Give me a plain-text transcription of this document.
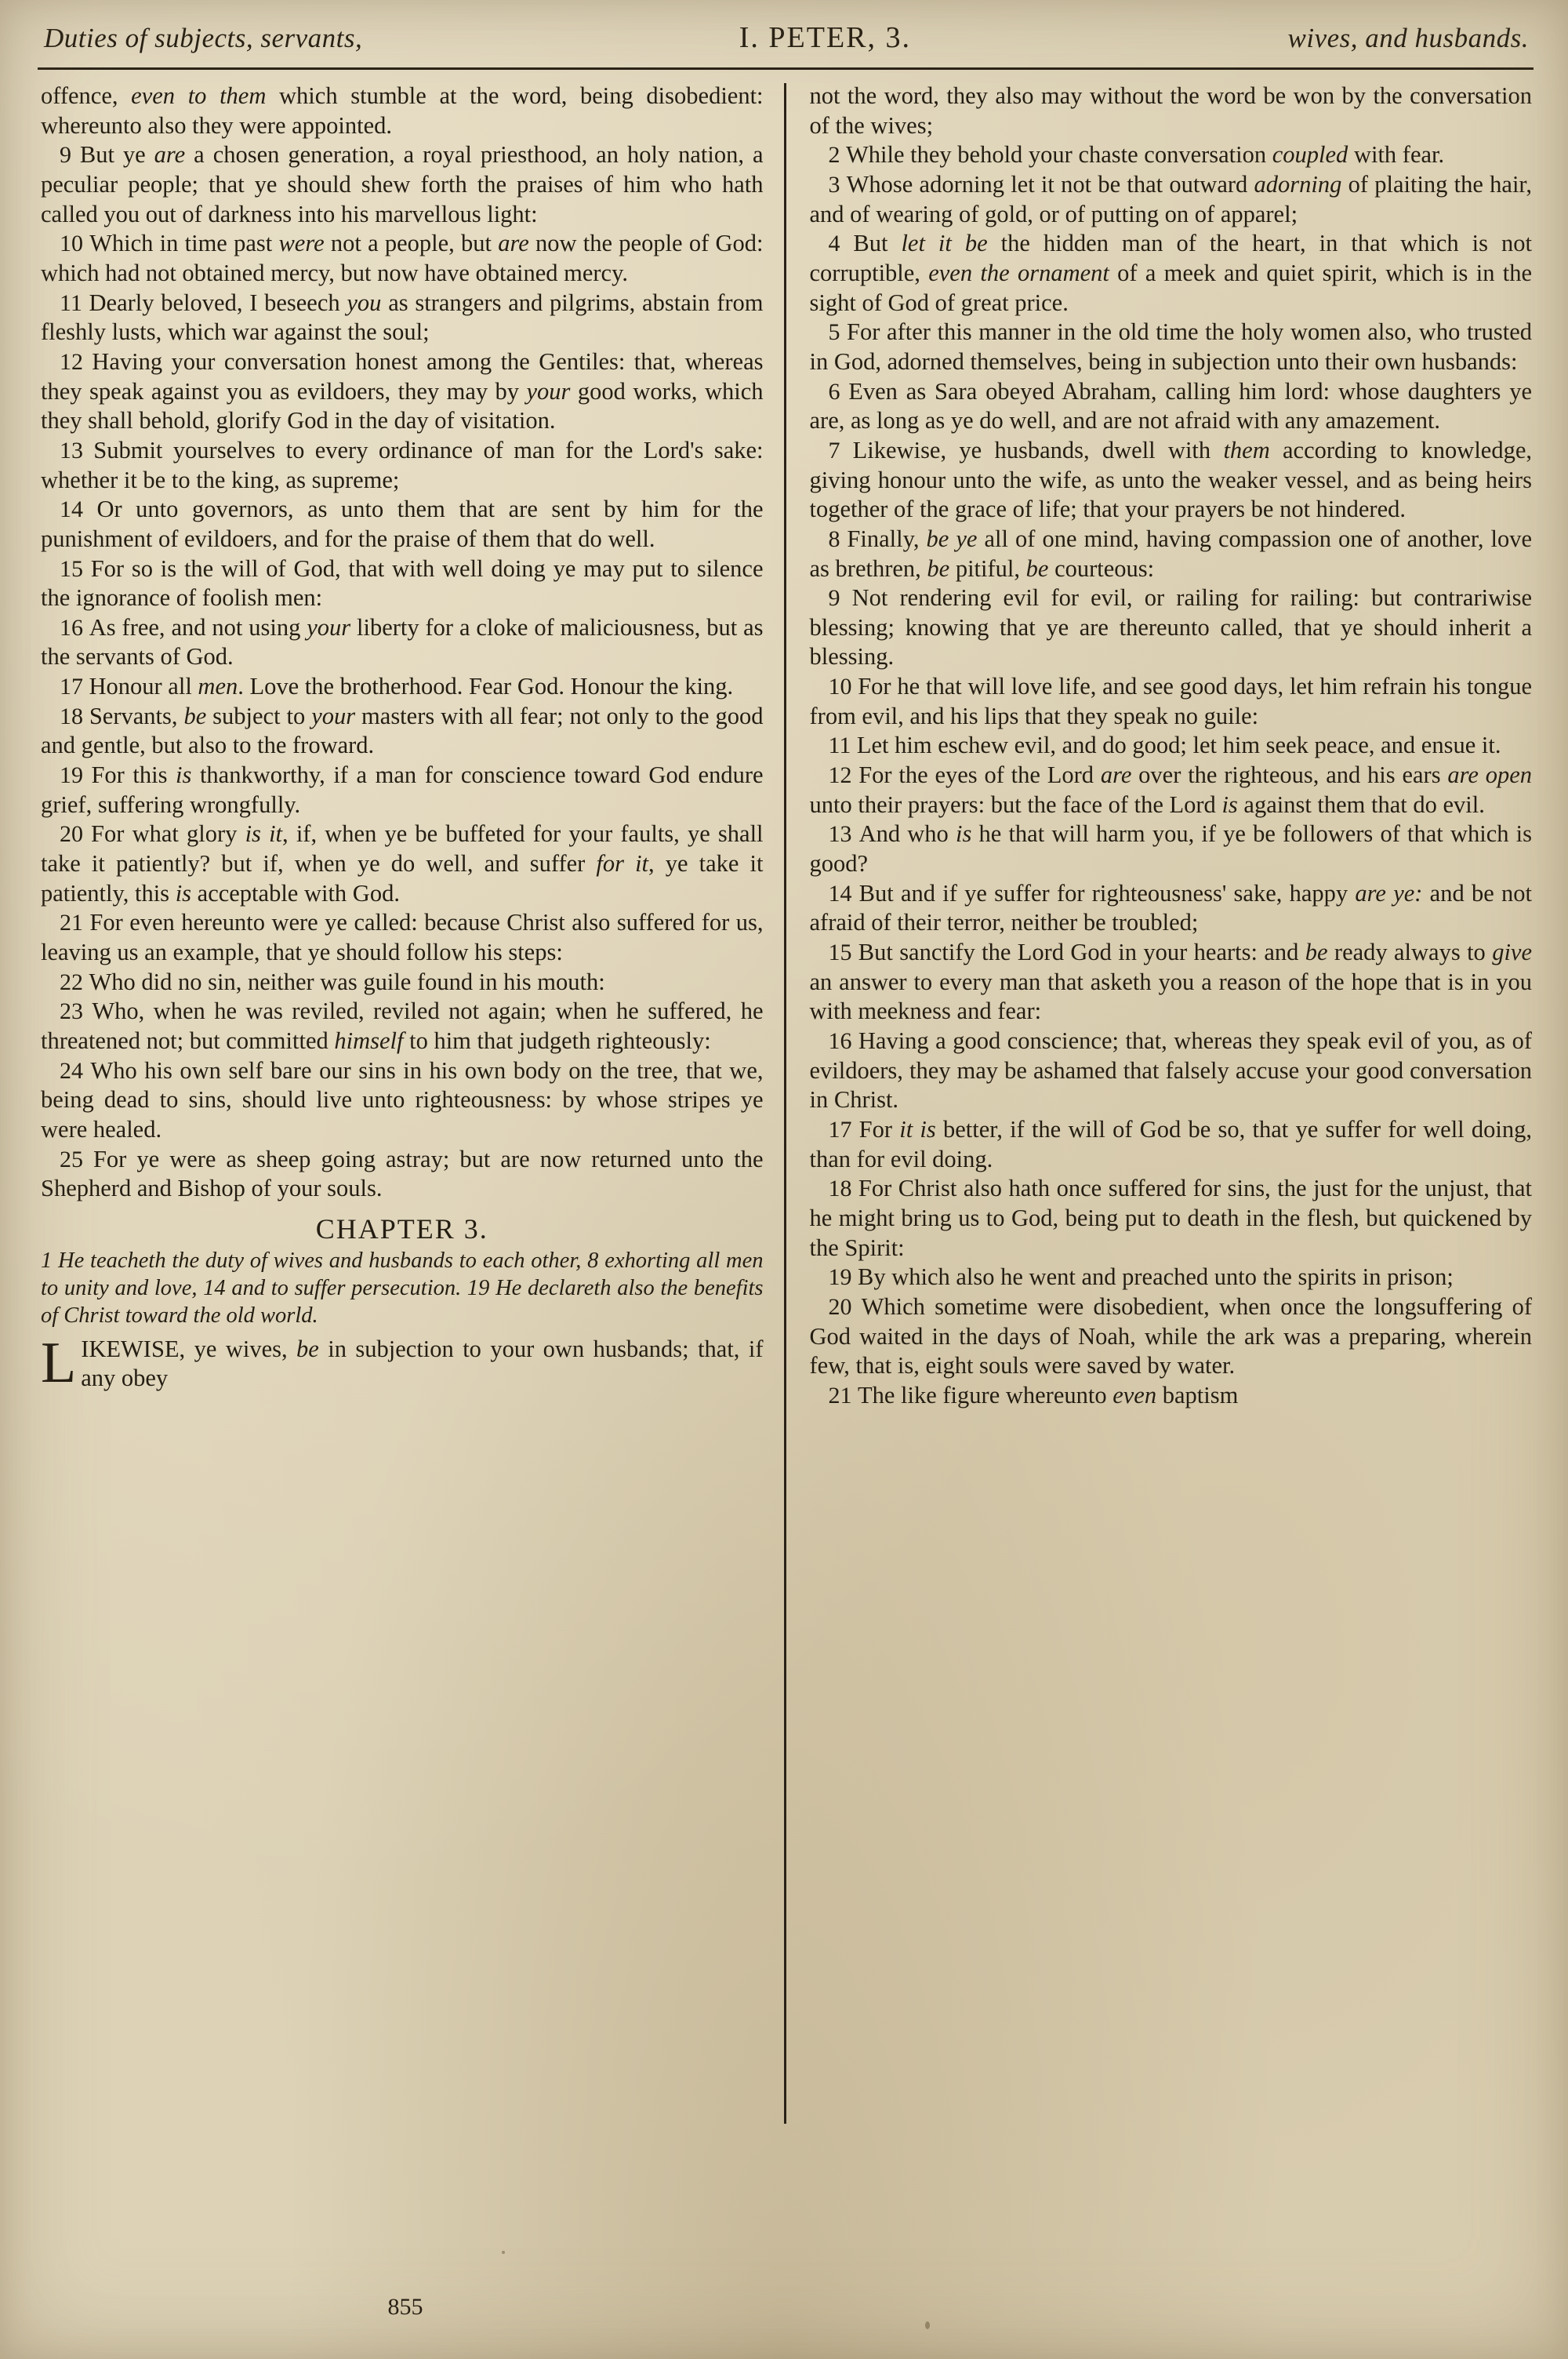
Duties of subjects, servants,	I. PETER, 3.	wives, and husbands.

offence, even to them which stumble at the word, being disobedient: whereunto also they were appointed.

9 But ye are a chosen generation, a royal priesthood, an holy nation, a peculiar people; that ye should shew forth the praises of him who hath called you out of darkness into his marvellous light:

10 Which in time past were not a people, but are now the people of God: which had not obtained mercy, but now have obtained mercy.

11 Dearly beloved, I beseech you as strangers and pilgrims, abstain from fleshly lusts, which war against the soul;

12 Having your conversation honest among the Gentiles: that, whereas they speak against you as evildoers, they may by your good works, which they shall behold, glorify God in the day of visitation.

13 Submit yourselves to every ordinance of man for the Lord's sake: whether it be to the king, as supreme;

14 Or unto governors, as unto them that are sent by him for the punishment of evildoers, and for the praise of them that do well.

15 For so is the will of God, that with well doing ye may put to silence the ignorance of foolish men:

16 As free, and not using your liberty for a cloke of maliciousness, but as the servants of God.

17 Honour all men. Love the brotherhood. Fear God. Honour the king.

18 Servants, be subject to your masters with all fear; not only to the good and gentle, but also to the froward.

19 For this is thankworthy, if a man for conscience toward God endure grief, suffering wrongfully.

20 For what glory is it, if, when ye be buffeted for your faults, ye shall take it patiently? but if, when ye do well, and suffer for it, ye take it patiently, this is acceptable with God.

21 For even hereunto were ye called: because Christ also suffered for us, leaving us an example, that ye should follow his steps:

22 Who did no sin, neither was guile found in his mouth:

23 Who, when he was reviled, reviled not again; when he suffered, he threatened not; but committed himself to him that judgeth righteously:

24 Who his own self bare our sins in his own body on the tree, that we, being dead to sins, should live unto righteousness: by whose stripes ye were healed.

25 For ye were as sheep going astray; but are now returned unto the Shepherd and Bishop of your souls.

CHAPTER 3.

1 He teacheth the duty of wives and husbands to each other, 8 exhorting all men to unity and love, 14 and to suffer persecution. 19 He declareth also the benefits of Christ toward the old world.

L IKEWISE, ye wives, be in subjection to your own husbands; that, if any obey

855

not the word, they also may without the word be won by the conversation of the wives;

2 While they behold your chaste conversation coupled with fear.

3 Whose adorning let it not be that outward adorning of plaiting the hair, and of wearing of gold, or of putting on of apparel;

4 But let it be the hidden man of the heart, in that which is not corruptible, even the ornament of a meek and quiet spirit, which is in the sight of God of great price.

5 For after this manner in the old time the holy women also, who trusted in God, adorned themselves, being in subjection unto their own husbands:

6 Even as Sara obeyed Abraham, calling him lord: whose daughters ye are, as long as ye do well, and are not afraid with any amazement.

7 Likewise, ye husbands, dwell with them according to knowledge, giving honour unto the wife, as unto the weaker vessel, and as being heirs together of the grace of life; that your prayers be not hindered.

8 Finally, be ye all of one mind, having compassion one of another, love as brethren, be pitiful, be courteous:

9 Not rendering evil for evil, or railing for railing: but contrariwise blessing; knowing that ye are thereunto called, that ye should inherit a blessing.

10 For he that will love life, and see good days, let him refrain his tongue from evil, and his lips that they speak no guile:

11 Let him eschew evil, and do good; let him seek peace, and ensue it.

12 For the eyes of the Lord are over the righteous, and his ears are open unto their prayers: but the face of the Lord is against them that do evil.

13 And who is he that will harm you, if ye be followers of that which is good?

14 But and if ye suffer for righteousness' sake, happy are ye: and be not afraid of their terror, neither be troubled;

15 But sanctify the Lord God in your hearts: and be ready always to give an answer to every man that asketh you a reason of the hope that is in you with meekness and fear:

16 Having a good conscience; that, whereas they speak evil of you, as of evildoers, they may be ashamed that falsely accuse your good conversation in Christ.

17 For it is better, if the will of God be so, that ye suffer for well doing, than for evil doing.

18 For Christ also hath once suffered for sins, the just for the unjust, that he might bring us to God, being put to death in the flesh, but quickened by the Spirit:

19 By which also he went and preached unto the spirits in prison;

20 Which sometime were disobedient, when once the longsuffering of God waited in the days of Noah, while the ark was a preparing, wherein few, that is, eight souls were saved by water.

21 The like figure whereunto even baptism
